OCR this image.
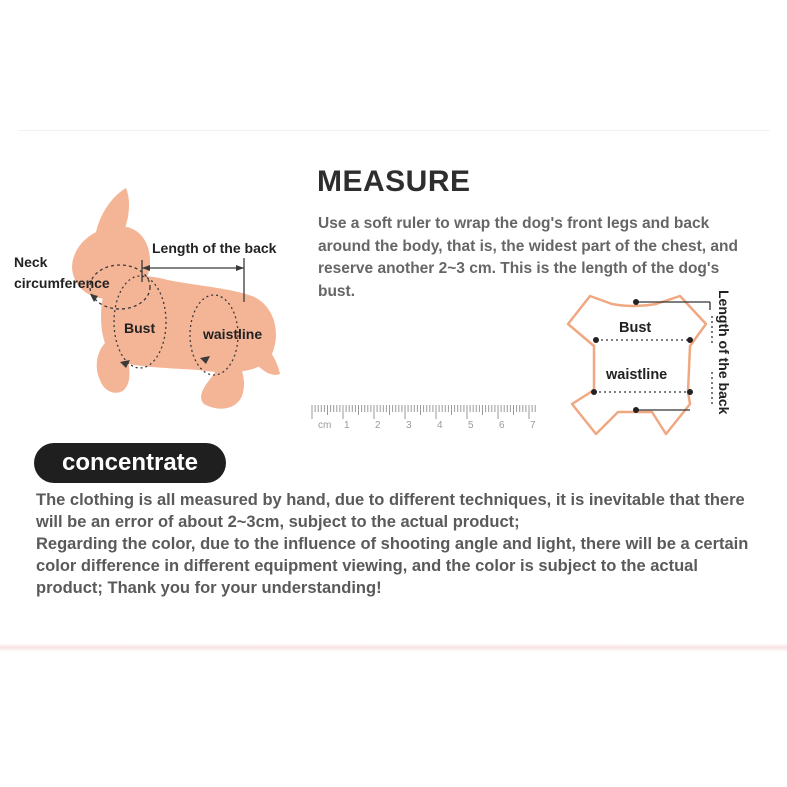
Neck
circumference
Length of the back
Bust	waistline
MEASURE
Use a soft ruler to wrap the dog's front legs and back around the body, that is, the widest part of the chest, and reserve another 2~3 cm. This is the length of the dog's bust.
cm 1	2	3	4	5	6	7
Bust
waistline	Length of the back
concentrate

The clothing is all measured by hand, due to different techniques, it is inevitable that there will be an error of about 2~3cm, subject to the actual product;

Regarding the color, due to the influence of shooting angle and light, there will be a certain color difference in different equipment viewing, and the color is subject to the actual product; Thank you for your understanding!
